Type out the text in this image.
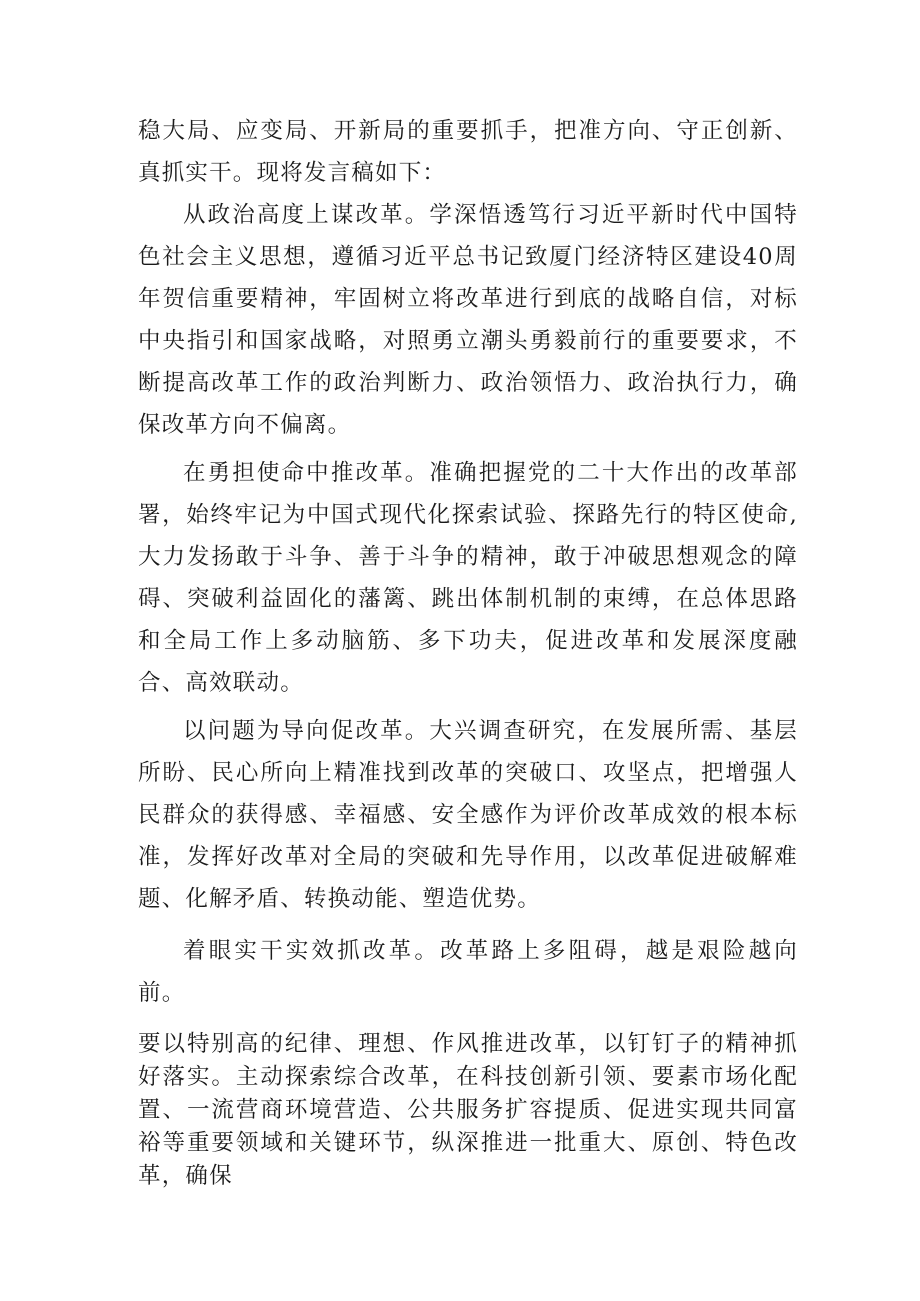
稳大局、应变局、开新局的重要抓手，把准方向、守正创新、真抓实干。现将发言稿如下：

从政治高度上谋改革。学深悟透笃行习近平新时代中国特色社会主义思想，遵循习近平总书记致厦门经济特区建设40周年贺信重要精神，牢固树立将改革进行到底的战略自信，对标中央指引和国家战略，对照勇立潮头勇毅前行的重要要求，不断提高改革工作的政治判断力、政治领悟力、政治执行力，确保改革方向不偏离。

在勇担使命中推改革。准确把握党的二十大作出的改革部署，始终牢记为中国式现代化探索试验、探路先行的特区使命,大力发扬敢于斗争、善于斗争的精神，敢于冲破思想观念的障碍、突破利益固化的藩篱、跳出体制机制的束缚，在总体思路和全局工作上多动脑筋、多下功夫，促进改革和发展深度融合、高效联动。

以问题为导向促改革。大兴调查研究，在发展所需、基层所盼、民心所向上精准找到改革的突破口、攻坚点，把增强人民群众的获得感、幸福感、安全感作为评价改革成效的根本标准，发挥好改革对全局的突破和先导作用，以改革促进破解难题、化解矛盾、转换动能、塑造优势。

着眼实干实效抓改革。改革路上多阻碍，越是艰险越向前。

要以特别高的纪律、理想、作风推进改革，以钉钉子的精神抓好落实。主动探索综合改革，在科技创新引领、要素市场化配置、一流营商环境营造、公共服务扩容提质、促进实现共同富裕等重要领域和关键环节，纵深推进一批重大、原创、特色改革，确保
